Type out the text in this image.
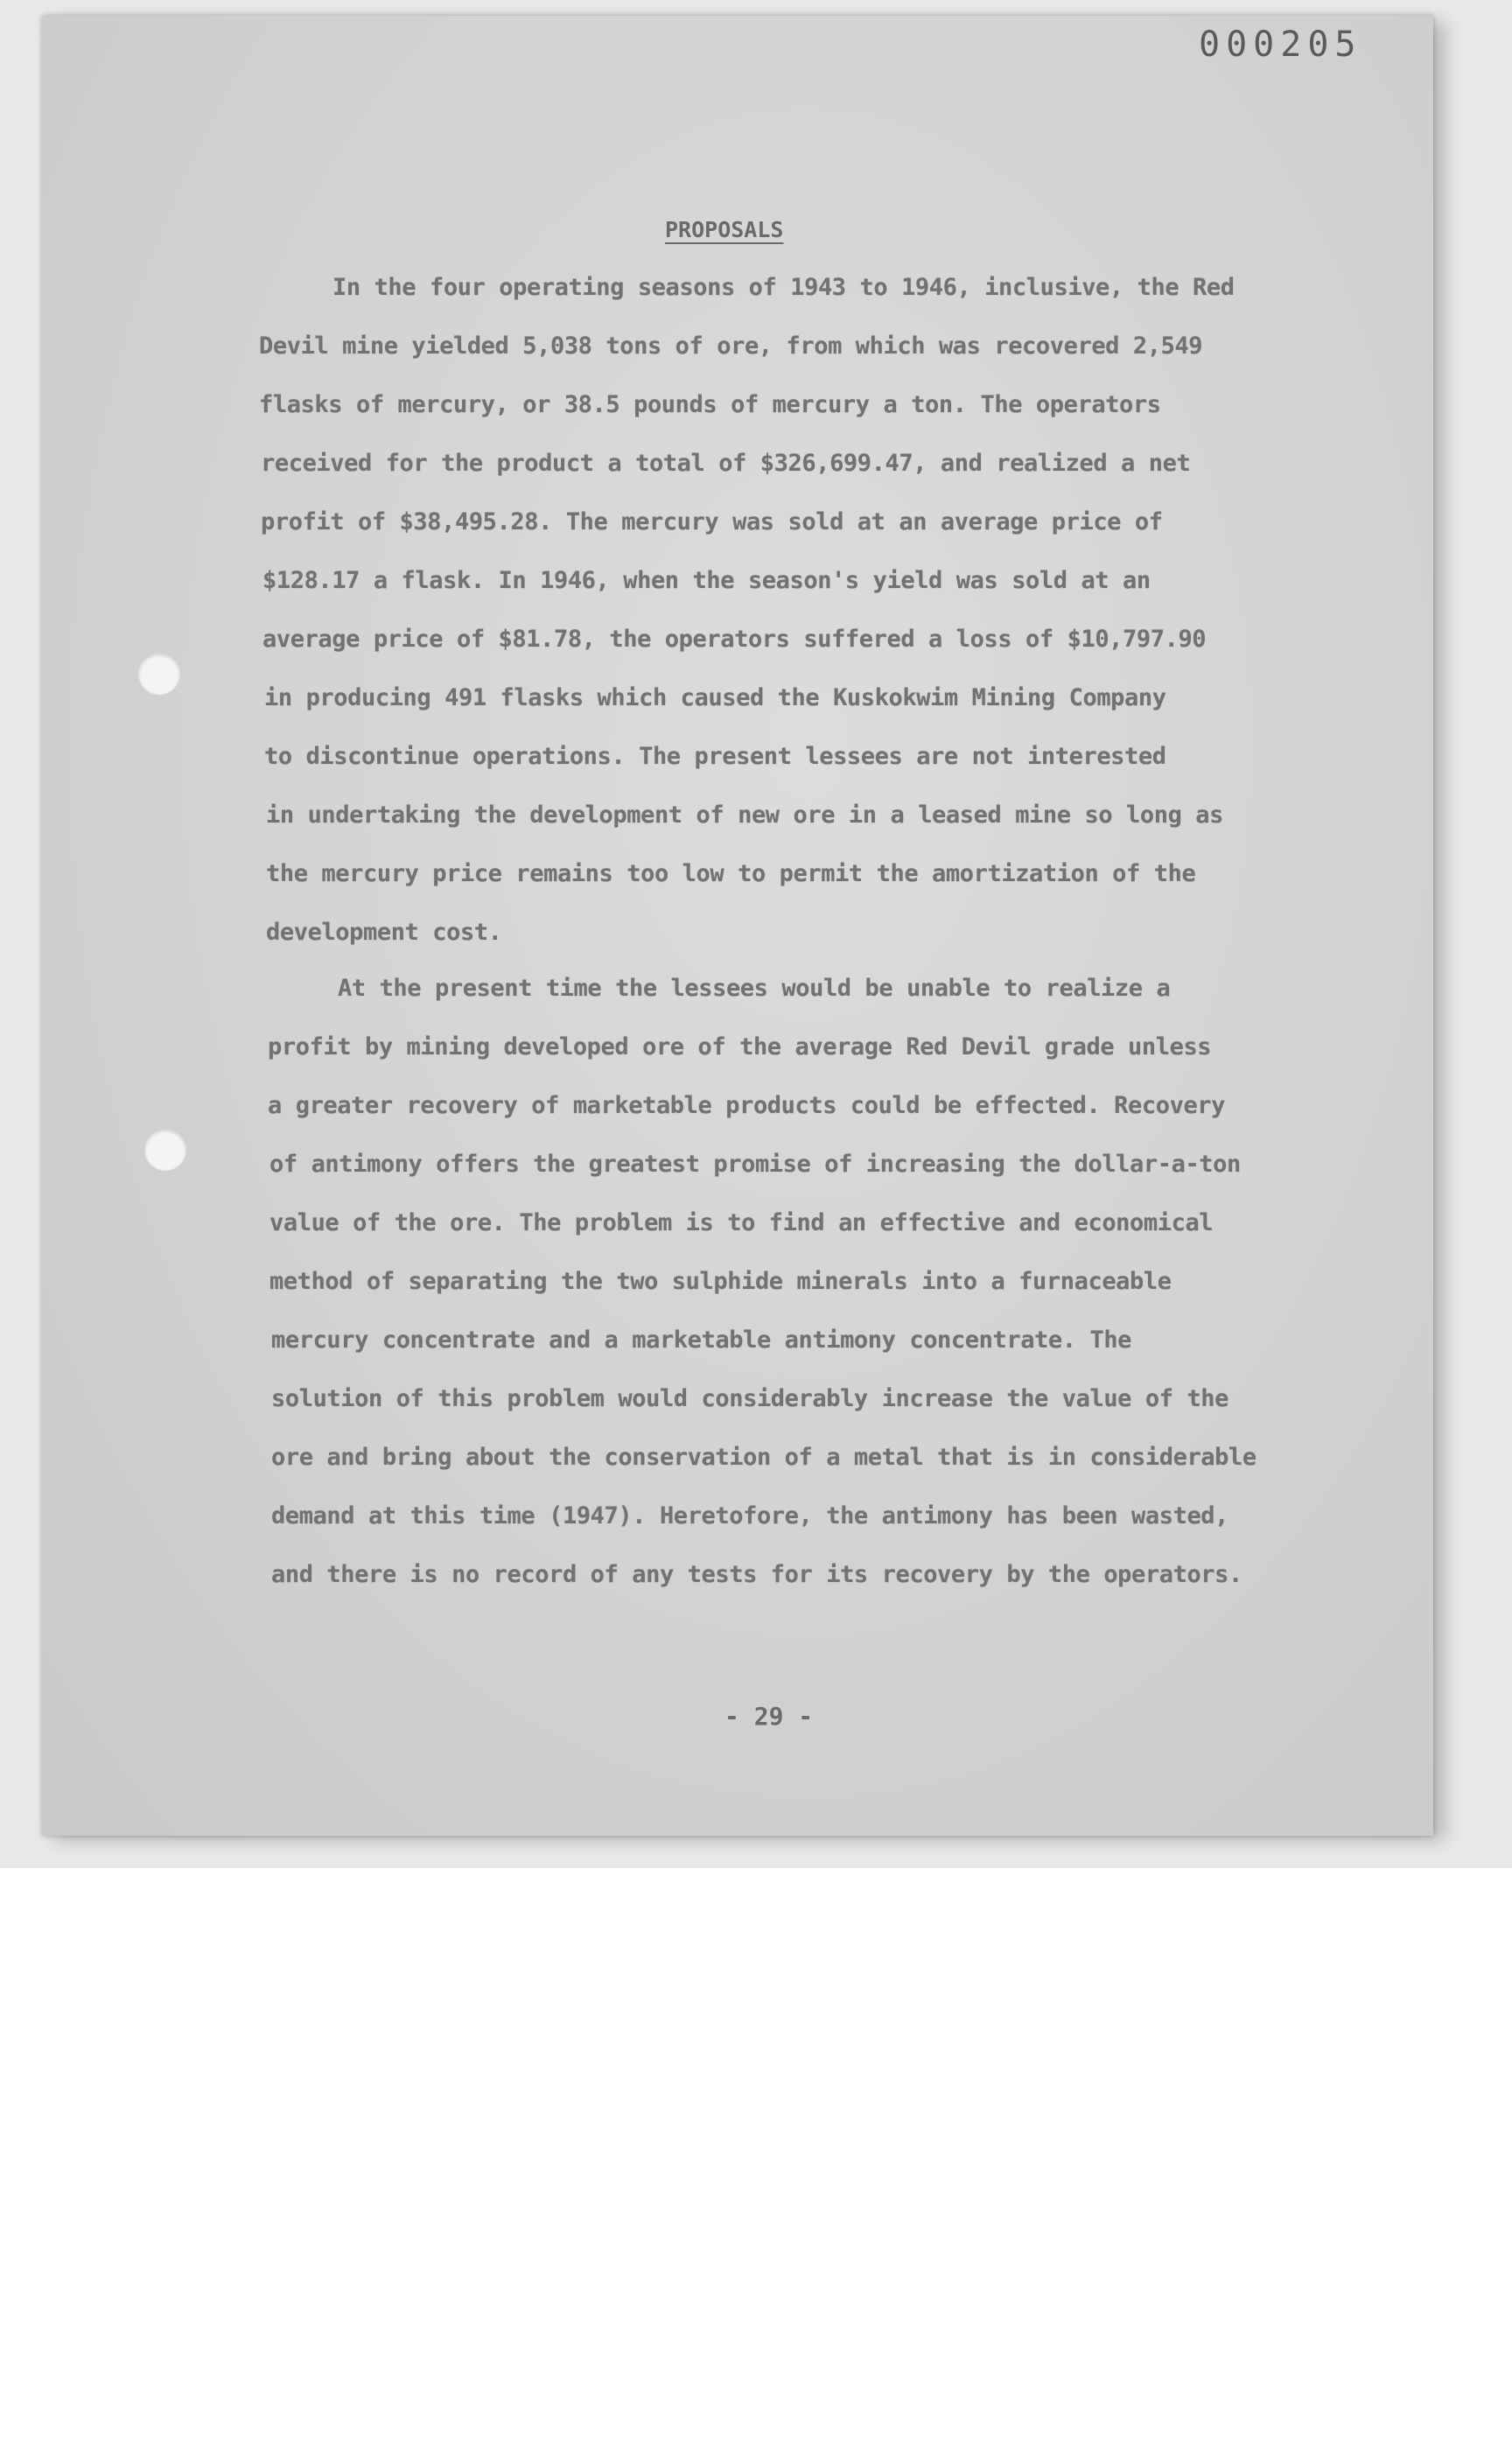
000205
PROPOSALS
In the four operating seasons of 1943 to 1946, inclusive, the Red
Devil mine yielded 5,038 tons of ore, from which was recovered 2,549
flasks of mercury, or 38.5 pounds of mercury a ton. The operators
received for the product a total of $326,699.47, and realized a net
profit of $38,495.28. The mercury was sold at an average price of
$128.17 a flask. In 1946, when the season's yield was sold at an
average price of $81.78, the operators suffered a loss of $10,797.90
in producing 491 flasks which caused the Kuskokwim Mining Company
to discontinue operations. The present lessees are not interested
in undertaking the development of new ore in a leased mine so long as
the mercury price remains too low to permit the amortization of the
development cost.
At the present time the lessees would be unable to realize a
profit by mining developed ore of the average Red Devil grade unless
a greater recovery of marketable products could be effected. Recovery
of antimony offers the greatest promise of increasing the dollar-a-ton
value of the ore. The problem is to find an effective and economical
method of separating the two sulphide minerals into a furnaceable
mercury concentrate and a marketable antimony concentrate. The
solution of this problem would considerably increase the value of the
ore and bring about the conservation of a metal that is in considerable
demand at this time (1947). Heretofore, the antimony has been wasted,
and there is no record of any tests for its recovery by the operators.
- 29 -
